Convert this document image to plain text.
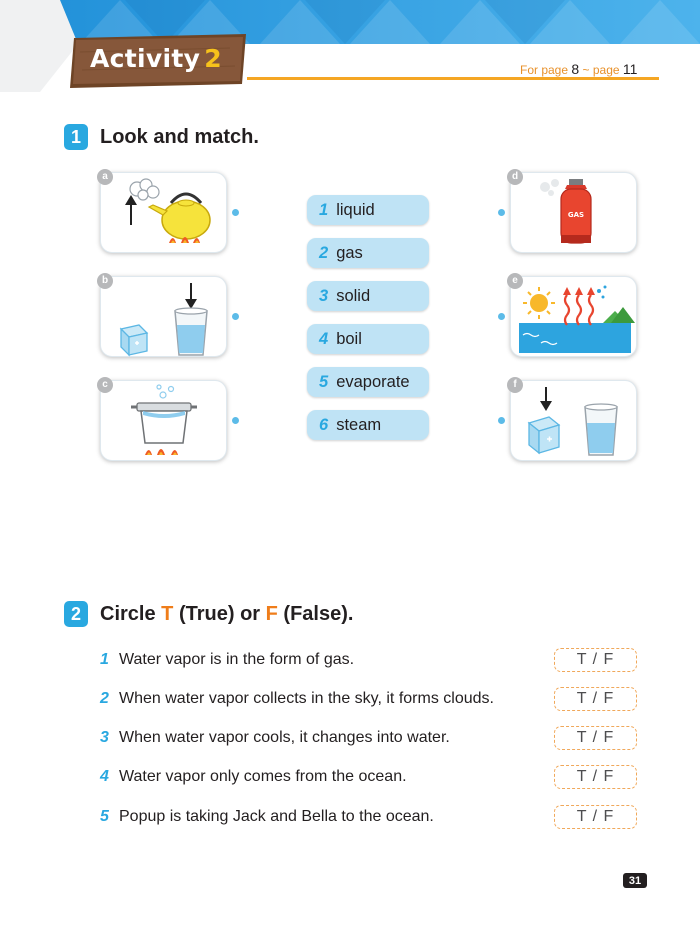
Activity 2	For page 8 ~ page 11
1 Look and match.
a
b
c
1 liquid
2 gas
3 solid
4 boil
5 evaporate
6 steam
GAS
d
e
f
2 Circle T (True) or F (False).
1 Water vapor is in the form of gas.	T / F
2 When water vapor collects in the sky, it forms clouds.	T / F
3 When water vapor cools, it changes into water.	T / F
4 Water vapor only comes from the ocean.	T / F
5 Popup is taking Jack and Bella to the ocean.	T / F
31
